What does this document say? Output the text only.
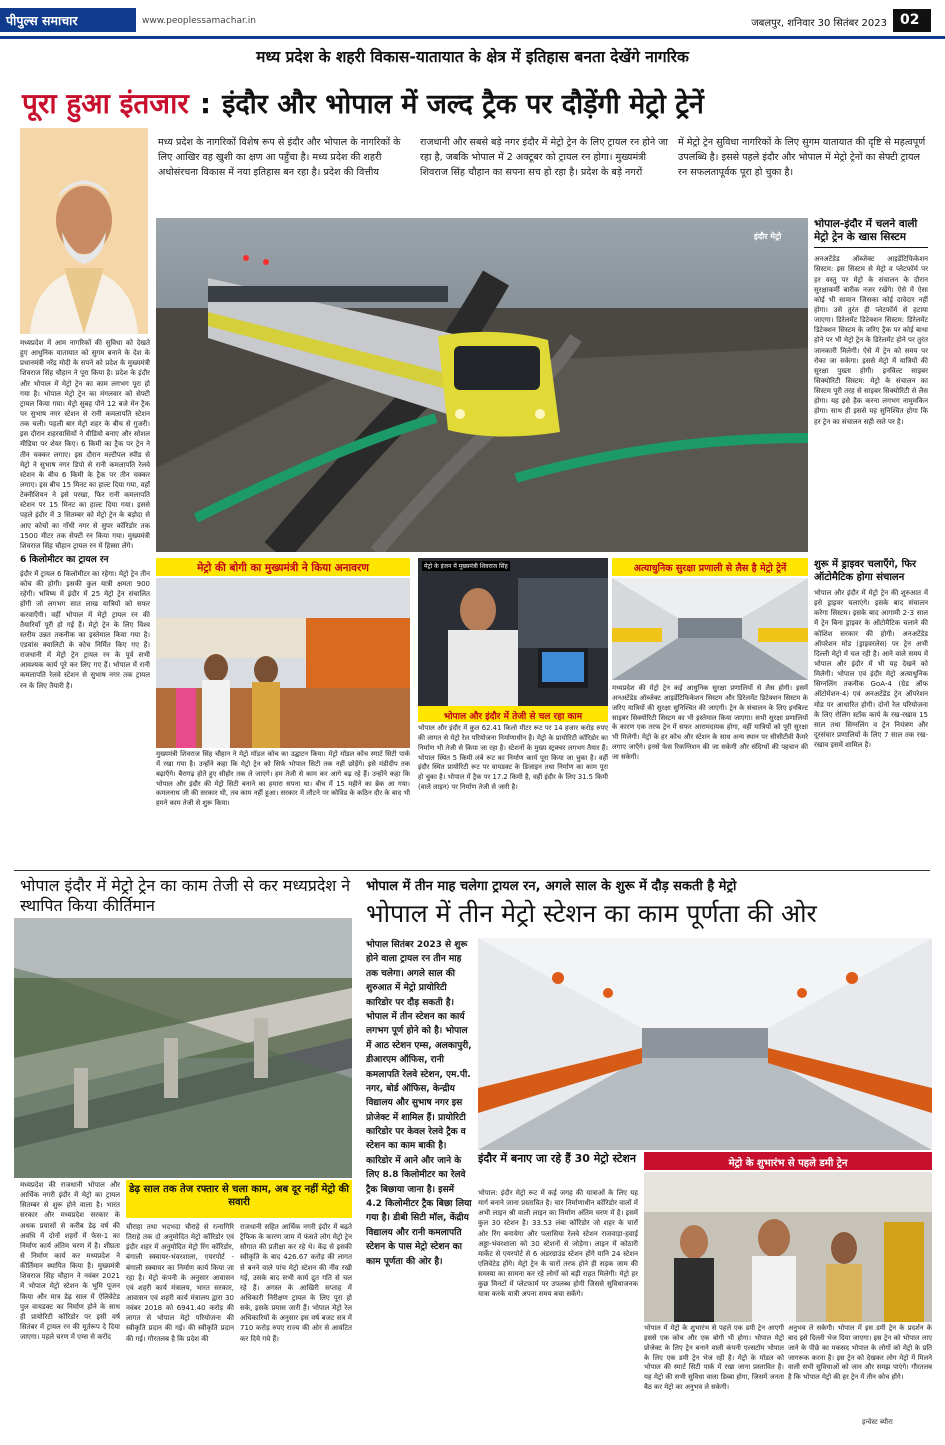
पीपुल्स समाचार	www.peoplessamachar.in	जबलपुर, शनिवार 30 सितंबर 2023 02
मध्य प्रदेश के शहरी विकास-यातायात के क्षेत्र में इतिहास बनता देखेंगे नागरिक
पूरा हुआ इंतजार : इंदौर और भोपाल में जल्द ट्रैक पर दौड़ेंगी मेट्रो ट्रेनें

मध्यप्रदेश में आम नागरिकों की सुविधा को देखते हुए आधुनिक यातायात को सुगम बनाने के देश के प्रधानमंत्री नरेंद्र मोदी के सपने को प्रदेश के मुख्यमंत्री शिवराज सिंह चौहान ने पूरा किया है। प्रदेश के इंदौर और भोपाल में मेट्रो ट्रेन का काम लगभग पूरा हो गया है। भोपाल मेट्रो ट्रेन का मंगलवार को सेफ्टी ट्रायल किया गया। मेट्रो सुबह पौने 12 बजे मेन ट्रैक पर सुभाष नगर स्टेशन से रानी कमलापति स्टेशन तक चली। पहली बार मेट्रो शहर के बीच से गुजरी। इस दौरान शहरवासियों ने वीडियो बनाए और सोशल मीडिया पर शेयर किए। 6 किमी का ट्रैक पर ट्रेन ने तीन चक्कर लगाए। इस दौरान मल्टीपल स्पीड से मेट्रो ने सुभाष नगर डिपो से रानी कमलापति रेलवे स्टेशन के बीच 6 किमी के ट्रैक पर तीन चक्कर लगाए। इस बीच 15 मिनट का हाल्ट दिया गया, वहाँ टेक्नीशियन ने इसे परखा, फिर रानी कमलापति स्टेशन पर 15 मिनट का हाल्ट दिया गया। इससे पहले इंदौर में 3 सितम्बर को मेट्रो ट्रेन के बड़ोदा से आए कोचों का गाँधी नगर से सुपर कॉरिडोर तक 1500 मीटर तक सेफ्टी रन किया गया। मुख्यमंत्री शिवराज सिंह चौहान ट्रायल रन में हिस्सा लेंगे।

6 किलोमीटर का ट्रायल रन

इंदौर में ट्रायल 6 किलोमीटर का रहेगा। मेट्रो ट्रेन तीन कोच की होगी। इसकी कुल यात्री क्षमता 900 रहेगी। भविष्य में इंदौर में 25 मेट्रो ट्रेन संचालित होंगी जो लगभग सात लाख यात्रियों को सफर करवाएँगी। वहीं भोपाल में मेट्रो ट्रायल रन की तैयारियाँ पूरी हो गई हैं। मेट्रो ट्रेन के लिए विश्व स्तरीय उन्नत तकनीक का इस्तेमाल किया गया है। एडवांस क्वालिटी के कोच निर्मित किए गए हैं। राजधानी में मेट्रो ट्रेन ट्रायल रन के पूर्व सभी आवश्यक कार्य पूरे कर लिए गए हैं। भोपाल में रानी कमलापति रेलवे स्टेशन से सुभाष नगर तक ट्रायल रन के लिए तैयारी है।

मध्य प्रदेश के नागरिकों विशेष रूप से इंदौर और भोपाल के नागरिकों के लिए आखिर वह खुशी का क्षण आ पहुँचा है। मध्य प्रदेश की शहरी अधोसंरचना विकास में नया इतिहास बन रहा है। प्रदेश की वित्तीय
राजधानी और सबसे बड़े नगर इंदौर में मेट्रो ट्रेन के लिए ट्रायल रन होने जा रहा है, जबकि भोपाल में 2 अक्टूबर को ट्रायल रन होगा। मुख्यमंत्री शिवराज सिंह चौहान का सपना सच हो रहा है। प्रदेश के बड़े नगरों
में मेट्रो ट्रेन सुविधा नागरिकों के लिए सुगम यातायात की दृष्टि से महत्वपूर्ण उपलब्धि है। इससे पहले इंदौर और भोपाल में मेट्रो ट्रेनों का सेफ्टी ट्रायल रन सफलतापूर्वक पूरा हो चुका है।
इंदौर मेट्रो
भोपाल-इंदौर में चलने वाली मेट्रो ट्रेन के खास सिस्टम
अनअटेंडेड ऑब्जेक्ट आइडेंटिफिकेशन सिस्टम: इस सिस्टम से मेट्रो व प्लेटफॉर्म पर हर वस्तु पर मेट्रो के संचालन के दौरान सुरक्षाकर्मी बारीक नजर रखेंगे। ऐसे में ऐसा कोई भी सामान जिसका कोई दावेदार नहीं होगा। उसे तुरंत ही प्लेटफॉर्म से हटाया जाएगा। डिरेलमेंट डिटेक्शन सिस्टम: डिरेलमेंट डिटेक्शन सिस्टम के जरिए ट्रैक पर कोई बाधा होने पर भी मेट्रो ट्रेन के डिरेलमेंट होने पर तुरंत जानकारी मिलेगी। ऐसे में ट्रेन को समय पर रोका जा सकेगा। इससे मेट्रो में यात्रियों की सुरक्षा पुख्ता होगी। इनविल्ट साइबर सिक्योरिटी सिस्टम: मेट्रो के संचालन का सिस्टम पूरी तरह से साइबर सिक्योरिटी से लैस होगा। यह इसे हैक करना लगभग नामुमकिन होगा। साथ ही इससे यह सुनिश्चित होगा कि हर ट्रेन का संचालन सही रस्ते पर है।
शुरू में ड्राइवर चलाएँगे, फिर ऑटोमैटिक होगा संचालन
भोपाल और इंदौर में मेट्रो ट्रेन की शुरुआत में इसे ड्राइवर चलाएंगे। इसके बाद संचालन करेगा सिस्टम। इसके बाद आगामी 2-3 साल में ट्रेन बिना ड्राइवर के ऑटोमैटिक चलाने की कोशिश सरकार की होगी। अनअटेंडेड ऑपरेशन मोड (ड्राइवरलेस) पर ट्रेन अभी दिल्ली मेट्रो में चल रही है। आने वाले समय में भोपाल और इंदौर में भी यह देखने को मिलेगी। भोपाल एवं इंदौर मेट्रो अत्याधुनिक सिग्नलिंग तकनीक GoA-4 (ग्रेड ऑफ ऑटोमेशन-4) एवं अनअटेंडेड ट्रेन ऑपरेशन मोड पर आधारित होगी। दोनों रेल परियोजना के लिए रोलिंग स्टॉक कार्य के रख-रखाव 15 साल तथा सिग्नलिंग व ट्रेन नियंत्रण और दूरसंचार प्रणालियों के लिए 7 साल तक रख-रखाव इसमें शामिल है।
मेट्रो की बोगी का मुख्यमंत्री ने किया अनावरण
मुख्यमंत्री शिवराज सिंह चौहान ने मेट्रो मॉडल कोच का उद्घाटन किया। मेट्रो मॉडल कोच स्मार्ट सिटी पार्क में रखा गया है। उन्होंने कहा कि मेट्रो ट्रेन को सिर्फ भोपाल सिटी तक नहीं छोड़ेंगे। इसे मंडीदीप तक बढ़ाएँगे। बैरागढ़ होते हुए सीहोर तक ले जाएंगे। हम तेजी से काम कर आगे बढ़ रहे हैं। उन्होंने कहा कि भोपाल और इंदौर की मेट्रो सिटी बनाने का हमारा सपना था। बीच में 15 महीने का ब्रेक आ गया। कमलनाथ जी की सरकार थी, तब काम नहीं हुआ। सरकार में लौटने पर कोविड के कठिन दौर के बाद भी हमने काम तेजी से शुरू किया।
मेट्रो के इंजन में मुख्यमंत्री शिवराज सिंह
भोपाल और इंदौर में तेजी से चल रहा काम
भोपाल और इंदौर में कुल 62.41 किलो मीटर रूट पर 14 हजार करोड़ रुपए की लागत से मेट्रो रेल परियोजना निर्माणाधीन है। मेट्रो के प्रायोरिटी कॉरिडोर का निर्माण भी तेजी से किया जा रहा है। स्टेशनों के मुख्य स्ट्रक्चर लगभग तैयार हैं। भोपाल स्थित 5 किमी लंबे रूट का निर्माण कार्य पूरा किया जा चुका है। वहीं इंदौर स्थित प्रायोरिटी रूट पर वायडक्ट के डिजाइन तथा निर्माण का काम पूरा हो चुका है। भोपाल में ट्रैक पर 17.2 किमी है, वहीं इंदौर के लिए 31.5 किमी (वाले लाइन) पर निर्माण तेजी से जारी है।
अत्याधुनिक सुरक्षा प्रणाली से लैस है मेट्रो ट्रेनें
मध्यप्रदेश की मेट्रो ट्रेन कई आधुनिक सुरक्षा प्रणालियों से लैस होगी। इसमें अनअटेंडेड ऑब्जेक्ट आइडेंटिफिकेशन सिस्टम और डिरेलमेंट डिटेक्शन सिस्टम के जरिए यात्रियों की सुरक्षा सुनिश्चित की जाएगी। ट्रेन के संचालन के लिए इनबिल्ट साइबर सिक्योरिटी सिस्टम का भी इस्तेमाल किया जाएगा। सभी सुरक्षा प्रणालियों के कारण एक तरफ ट्रेन में सफर आरामदायक होगा, वहीं यात्रियों को पूरी सुरक्षा भी मिलेगी। मेट्रो के हर कोच और स्टेशन के साथ अन्य स्थान पर सीसीटीवी कैमरे लगाए जाएँगे। इनसे फेस रिकग्निशन की जा सकेगी और संदिग्धों की पहचान की जा सकेगी।
भोपाल इंदौर में मेट्रो ट्रेन का काम तेजी से कर मध्यप्रदेश ने स्थापित किया कीर्तिमान
मध्यप्रदेश की राजधानी भोपाल और आर्थिक नगरी इंदौर में मेट्रो का ट्रायल सितम्बर से शुरू होने वाला है। भारत सरकार और मध्यप्रदेश सरकार के अथक प्रयासों से करीब डेढ़ वर्ष की अवधि में दोनों शहरों में फेस-1 का निर्माण कार्य अंतिम चरण में है। शीघ्रता से निर्माण कार्य कर मध्यप्रदेश ने कीर्तिमान स्थापित किया है। मुख्यमंत्री शिवराज सिंह चौहान ने नवंबर 2021 में भोपाल मेट्रो स्टेशन के भूमि पूजन किया और मात्र डेढ़ साल में ऐलिवेटेड पुल वायडक्ट का निर्माण होने के साथ ही प्रायोरिटी कॉरिडोर पर इसी वर्ष सितंबर में ट्रायल रन की मूर्तरूप दे दिया जाएगा। पहले चरण में एम्स से करोंद
डेढ़ साल तक तेज रफ्तार से चला काम, अब दूर नहीं मेट्रो की सवारी
चौराहा तथा भदभदा चौराहे से रत्नागिरि तिराहे तक दो अनुमोदित मेट्रो कॉरिडोर एवं इंदौर शहर में अनुमोदित मेट्रो रिंग कॉरिडोर, बंगाली स्क्वायर-भंवरशाला, एयरपोर्ट - बंगाली स्क्वायर का निर्माण कार्य किया जा रहा है। मेट्रो कंपनी के अनुसार आवासन एवं शहरी कार्य मंत्रालय, भारत सरकार, आवासन एवं शहरी कार्य मंत्रालय द्वारा 30 नवंबर 2018 को 6941.40 करोड़ की लागत से भोपाल मेट्रो परियोजना की स्वीकृति प्रदान की गई। की स्वीकृति प्रदान की गई। गौरतलब है कि प्रदेश की
राजधानी सहित आर्थिक नगरी इंदौर में बढ़ते ट्रैफिक के कारण जाम में फंसते लोग मेट्रो ट्रेन सौगात की प्रतीक्षा कर रहे थे। केंद्र से इसकी स्वीकृति के बाद 426.67 करोड़ की लागत से बनने वाले पांच मेट्रो स्टेशन की नींव रखी गई, उसके बाद सभी कार्य द्रुत गति से चल रहे हैं। अगस्त के आखिरी सप्ताह में अधिकारी निरीक्षण ट्रायल के लिए पूरा हो सके, इसके प्रयास जारी हैं। भोपाल मेट्रो रेल अधिकारियों के अनुसार इस वर्ष बजट सत्र में 710 करोड़ रुपए राज्य की ओर से आवंटित कर दिये गये हैं।
भोपाल में तीन माह चलेगा ट्रायल रन, अगले साल के शुरू में दौड़ सकती है मेट्रो
भोपाल में तीन मेट्रो स्टेशन का काम पूर्णता की ओर
भोपाल सितंबर 2023 से शुरू होने वाला ट्रायल रन तीन माह तक चलेगा। अगले साल की शुरुआत में मेट्रो प्रायोरिटी कारिडोर पर दौड़ सकती है। भोपाल में तीन स्टेशन का कार्य लगभग पूर्ण होने को है। भोपाल में आठ स्टेशन एम्स, अलकापुरी, डीआरएम ऑफिस, रानी कमलापति रेलवे स्टेशन, एम.पी. नगर, बोर्ड ऑफिस, केन्द्रीय विद्यालय और सुभाष नगर इस प्रोजेक्ट में शामिल हैं। प्रायोरिटी कारिडोर पर केवल रेलवे ट्रैक व स्टेशन का काम बाकी है। कारिडोर में आने और जाने के लिए 8.8 किलोमीटर का रेलवे ट्रैक बिछाया जाना है। इसमें 4.2 किलोमीटर ट्रैक बिछा लिया गया है। डीबी सिटी मॉल, केंद्रीय विद्यालय और रानी कमलापति स्टेशन के पास मेट्रो स्टेशन का काम पूर्णता की ओर है।
इंदौर में बनाए जा रहे हैं 30 मेट्रो स्टेशन
भोपाल: इंदौर मेट्रो रूट में कई जगह की यात्राओं के लिए यह मार्ग बनाने जाना प्रस्तावित है। चार निर्माणाधीन कॉरिडोर वालों में अभी लाइन श्री वाली लाइन का निर्माण अंतिम चरण में है। इसमें कुल 30 स्टेशन है। 33.53 लंबा कॉरिडोर जो शहर के चारों ओर रिंग बनायेगा और पलासिया रेलवे स्टेशन राजवाड़ा-हवाई अड्डा-भंवरशाला को 30 स्टेशनों से जोड़ेगा। लाइन में कोठारी मार्केट से एयरपोर्ट से 6 अंडरग्राउंड स्टेशन होंगे यानि 24 स्टेशन एलिवेटेड होंगे। मेट्रो ट्रेन के चारों तरफ होने ही सड़क जाम की समस्या का सामना कर रहे लोगों को बड़ी राहत मिलेगी। मेट्रो हर कुछ मिनटों में प्लेटफार्म पर उपलब्ध होगी जिससे सुविधाजनक यात्रा करके यात्री अपना समय बचा सकेंगे।
मेट्रो के शुभारंभ से पहले डमी ट्रेन
भोपाल में मेट्रो के शुभारंभ से पहले एक डमी ट्रेन आएगी इससे एक कोच और एक बोगी भी होगा। भोपाल मेट्रो प्रोजेक्ट के लिए ट्रेन बनाने वाली कंपनी एल्सटॉम भोपाल के लिए एक डमी ट्रेन भेज रही है। मेट्रो के मॉडल को भोपाल की स्मार्ट सिटी पार्क में रखा जाना प्रस्तावित है। यह मेट्रो की सभी सुविधा वाला डिब्बा होगा, जिसमें जनता बैठ कर मेट्रो का अनुभव ले सकेगी।
अनुभव ले सकेगी। भोपाल में इस डमी ट्रेन के प्रदर्शन के बाद इसे दिल्ली भेज दिया जाएगा। इस ट्रेन को भोपाल लाए जाने के पीछे का मकसद भोपाल के लोगों को मेट्रो के प्रति जागरूक करना है। इस ट्रेन को देखकर लोग मेट्रो में मिलने वाली सभी सुविधाओं को जान और समझ पाएंगे। गौरतलब है कि भोपाल मेट्रो की हर ट्रेन में तीन कोच होंगे।
इन्वेस्ट ब्यौरा
